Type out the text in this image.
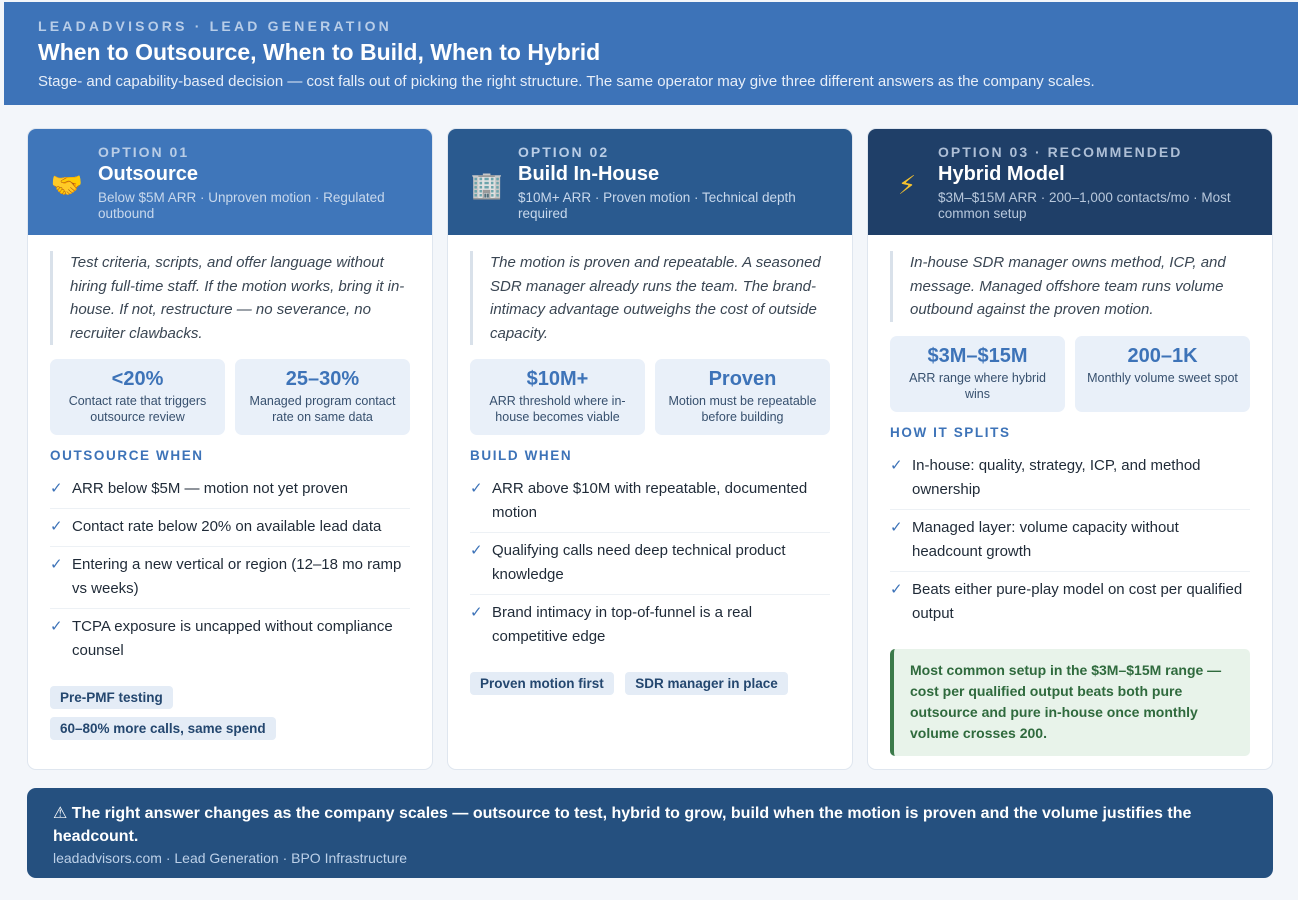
LEADADVISORS · LEAD GENERATION
When to Outsource, When to Build, When to Hybrid
Stage- and capability-based decision — cost falls out of picking the right structure. The same operator may give three different answers as the company scales.
🤝
OPTION 01
Outsource
Below $5M ARR · Unproven motion · Regulated outbound
Test criteria, scripts, and offer language without hiring full-time staff. If the motion works, bring it in-house. If not, restructure — no severance, no recruiter clawbacks.
<20%
Contact rate that triggers outsource review
25–30%
Managed program contact rate on same data
OUTSOURCE WHEN
✓ ARR below $5M — motion not yet proven
✓ Contact rate below 20% on available lead data
✓ Entering a new vertical or region (12–18 mo ramp vs weeks)
✓ TCPA exposure is uncapped without compliance counsel
Pre-PMF testing
60–80% more calls, same spend
🏢
OPTION 02
Build In-House
$10M+ ARR · Proven motion · Technical depth required
The motion is proven and repeatable. A seasoned SDR manager already runs the team. The brand-intimacy advantage outweighs the cost of outside capacity.
$10M+
ARR threshold where in-house becomes viable
Proven
Motion must be repeatable before building
BUILD WHEN
✓ ARR above $10M with repeatable, documented motion
✓ Qualifying calls need deep technical product knowledge
✓ Brand intimacy in top-of-funnel is a real competitive edge
Proven motion first SDR manager in place
⚡
OPTION 03 · RECOMMENDED
Hybrid Model
$3M–$15M ARR · 200–1,000 contacts/mo · Most common setup
In-house SDR manager owns method, ICP, and message. Managed offshore team runs volume outbound against the proven motion.
$3M–$15M
ARR range where hybrid wins
200–1K
Monthly volume sweet spot
HOW IT SPLITS
✓ In-house: quality, strategy, ICP, and method ownership
✓ Managed layer: volume capacity without headcount growth
✓ Beats either pure-play model on cost per qualified output
Most common setup in the $3M–$15M range — cost per qualified output beats both pure outsource and pure in-house once monthly volume crosses 200.
⚠ The right answer changes as the company scales — outsource to test, hybrid to grow, build when the motion is proven and the volume justifies the headcount.
leadadvisors.com · Lead Generation · BPO Infrastructure
